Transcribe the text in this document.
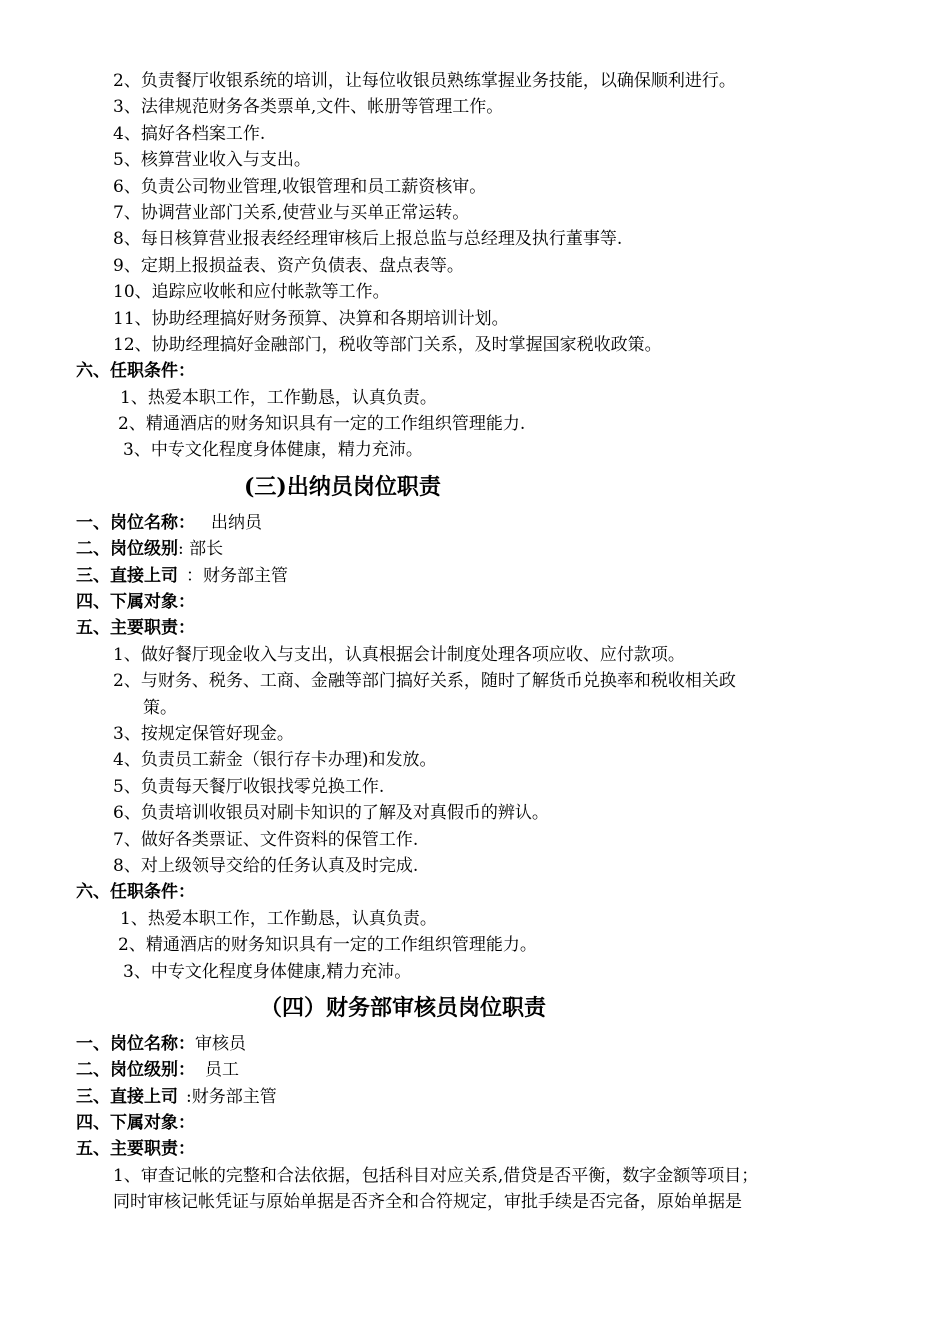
2、负责餐厅收银系统的培训，让每位收银员熟练掌握业务技能，以确保顺利进行。
3、法律规范财务各类票单,文件、帐册等管理工作。
4、搞好各档案工作.
5、核算营业收入与支出。
6、负责公司物业管理,收银管理和员工薪资核审。
7、协调营业部门关系,使营业与买单正常运转。
8、每日核算营业报表经经理审核后上报总监与总经理及执行董事等.
9、定期上报损益表、资产负债表、盘点表等。
10、追踪应收帐和应付帐款等工作。
11、协助经理搞好财务预算、决算和各期培训计划。
12、协助经理搞好金融部门，税收等部门关系，及时掌握国家税收政策。
六、任职条件：
1、热爱本职工作，工作勤恳，认真负责。
2、精通酒店的财务知识具有一定的工作组织管理能力.
3、中专文化程度身体健康，精力充沛。
(三)出纳员岗位职责
一、岗位名称： 出纳员
二、岗位级别: 部长
三、直接上司 ：财务部主管
四、下属对象：
五、主要职责：
1、做好餐厅现金收入与支出，认真根据会计制度处理各项应收、应付款项。
2、与财务、税务、工商、金融等部门搞好关系，随时了解货币兑换率和税收相关政
策。
3、按规定保管好现金。
4、负责员工薪金（银行存卡办理)和发放。
5、负责每天餐厅收银找零兑换工作.
6、负责培训收银员对刷卡知识的了解及对真假币的辨认。
7、做好各类票证、文件资料的保管工作.
8、对上级领导交给的任务认真及时完成.
六、任职条件：
1、热爱本职工作，工作勤恳，认真负责。
2、精通酒店的财务知识具有一定的工作组织管理能力。
3、中专文化程度身体健康,精力充沛。
（四）财务部审核员岗位职责
一、岗位名称：审核员
二、岗位级别： 员工
三、直接上司 :财务部主管
四、下属对象：
五、主要职责：
1、审查记帐的完整和合法依据，包括科目对应关系,借贷是否平衡，数字金额等项目；
同时审核记帐凭证与原始单据是否齐全和合符规定，审批手续是否完备，原始单据是
